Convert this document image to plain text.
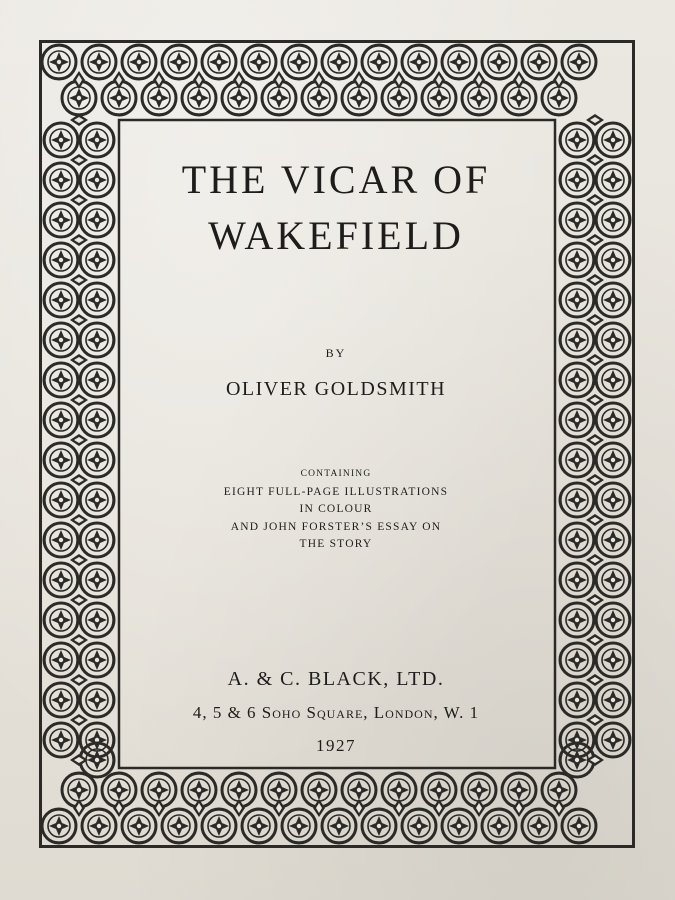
THE VICAR OF
WAKEFIELD
BY
OLIVER GOLDSMITH
CONTAINING
EIGHT FULL-PAGE ILLUSTRATIONS
IN COLOUR
AND JOHN FORSTER’S ESSAY ON
THE STORY
A. & C. BLACK, LTD.
4, 5 & 6 Soho Square, London, W. 1
1927
